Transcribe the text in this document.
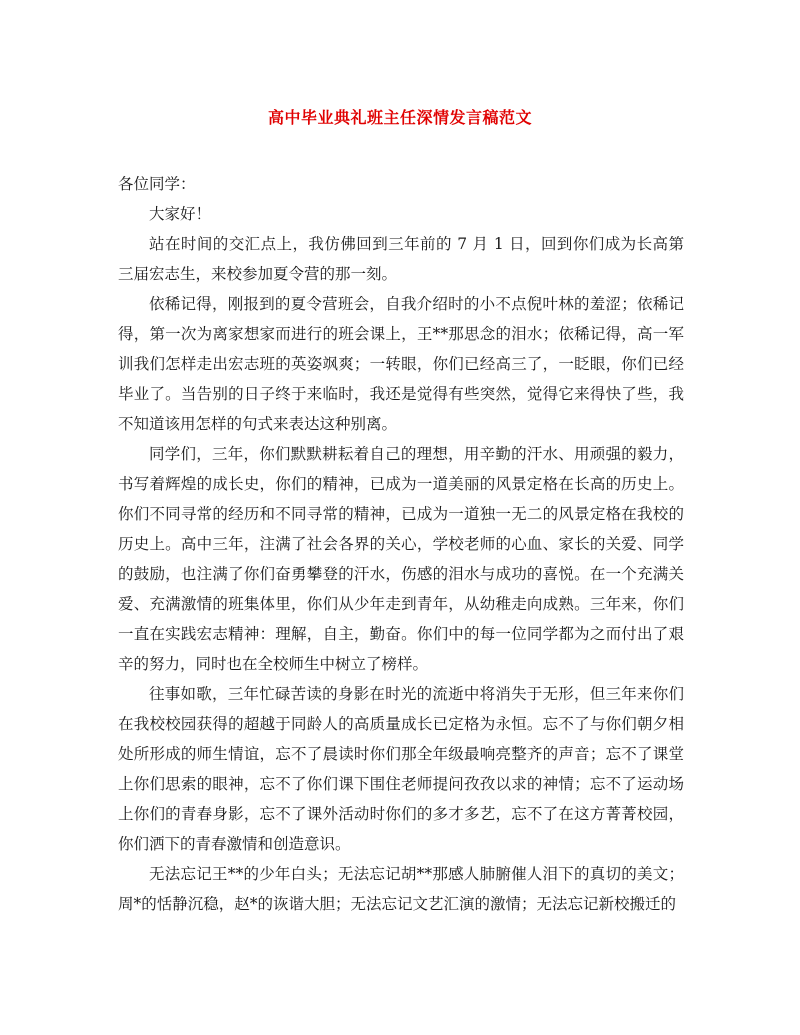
高中毕业典礼班主任深情发言稿范文

各位同学：

大家好！

站在时间的交汇点上，我仿佛回到三年前的 7 月 1 日，回到你们成为长高第三届宏志生，来校参加夏令营的那一刻。

依稀记得，刚报到的夏令营班会，自我介绍时的小不点倪叶林的羞涩；依稀记得，第一次为离家想家而进行的班会课上，王**那思念的泪水；依稀记得，高一军训我们怎样走出宏志班的英姿飒爽；一转眼，你们已经高三了，一眨眼，你们已经毕业了。当告别的日子终于来临时，我还是觉得有些突然，觉得它来得快了些，我不知道该用怎样的句式来表达这种别离。

同学们，三年，你们默默耕耘着自己的理想，用辛勤的汗水、用顽强的毅力，书写着辉煌的成长史，你们的精神，已成为一道美丽的风景定格在长高的历史上。你们不同寻常的经历和不同寻常的精神，已成为一道独一无二的风景定格在我校的历史上。高中三年，注满了社会各界的关心，学校老师的心血、家长的关爱、同学的鼓励，也注满了你们奋勇攀登的汗水，伤感的泪水与成功的喜悦。在一个充满关爱、充满激情的班集体里，你们从少年走到青年，从幼稚走向成熟。三年来，你们一直在实践宏志精神：理解，自主，勤奋。你们中的每一位同学都为之而付出了艰辛的努力，同时也在全校师生中树立了榜样。

往事如歌，三年忙碌苦读的身影在时光的流逝中将消失于无形，但三年来你们在我校校园获得的超越于同龄人的高质量成长已定格为永恒。忘不了与你们朝夕相处所形成的师生情谊，忘不了晨读时你们那全年级最响亮整齐的声音；忘不了课堂上你们思索的眼神，忘不了你们课下围住老师提问孜孜以求的神情；忘不了运动场上你们的青春身影，忘不了课外活动时你们的多才多艺，忘不了在这方菁菁校园，你们洒下的青春激情和创造意识。

无法忘记王**的少年白头；无法忘记胡**那感人肺腑催人泪下的真切的美文；周*的恬静沉稳，赵*的诙谐大胆；无法忘记文艺汇演的激情；无法忘记新校搬迁的
